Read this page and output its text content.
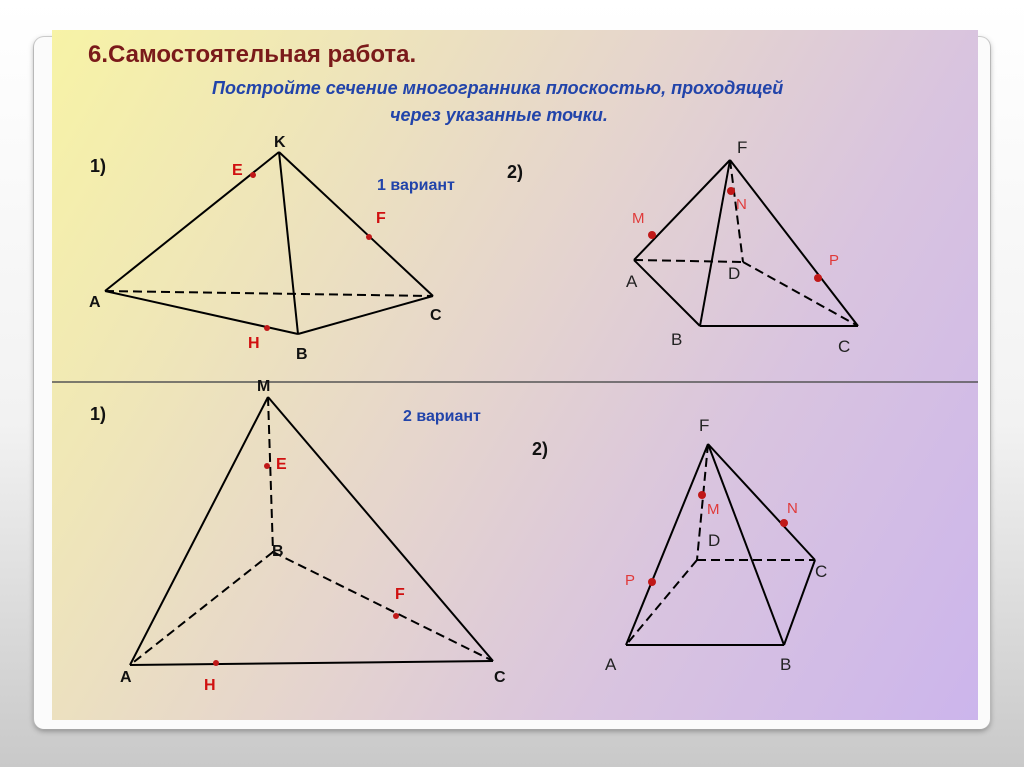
6.Самостоятельная работа.
Постройте сечение многогранника плоскостью, проходящей
через указанные точки.
1)
K
A
B
C
E
F
H
1 вариант
2)
F
A	D
B	C
M
N
P
1)
M
B
A	C
E
F
H
2 вариант
2)
F
D
C
A	B
M	N
P
